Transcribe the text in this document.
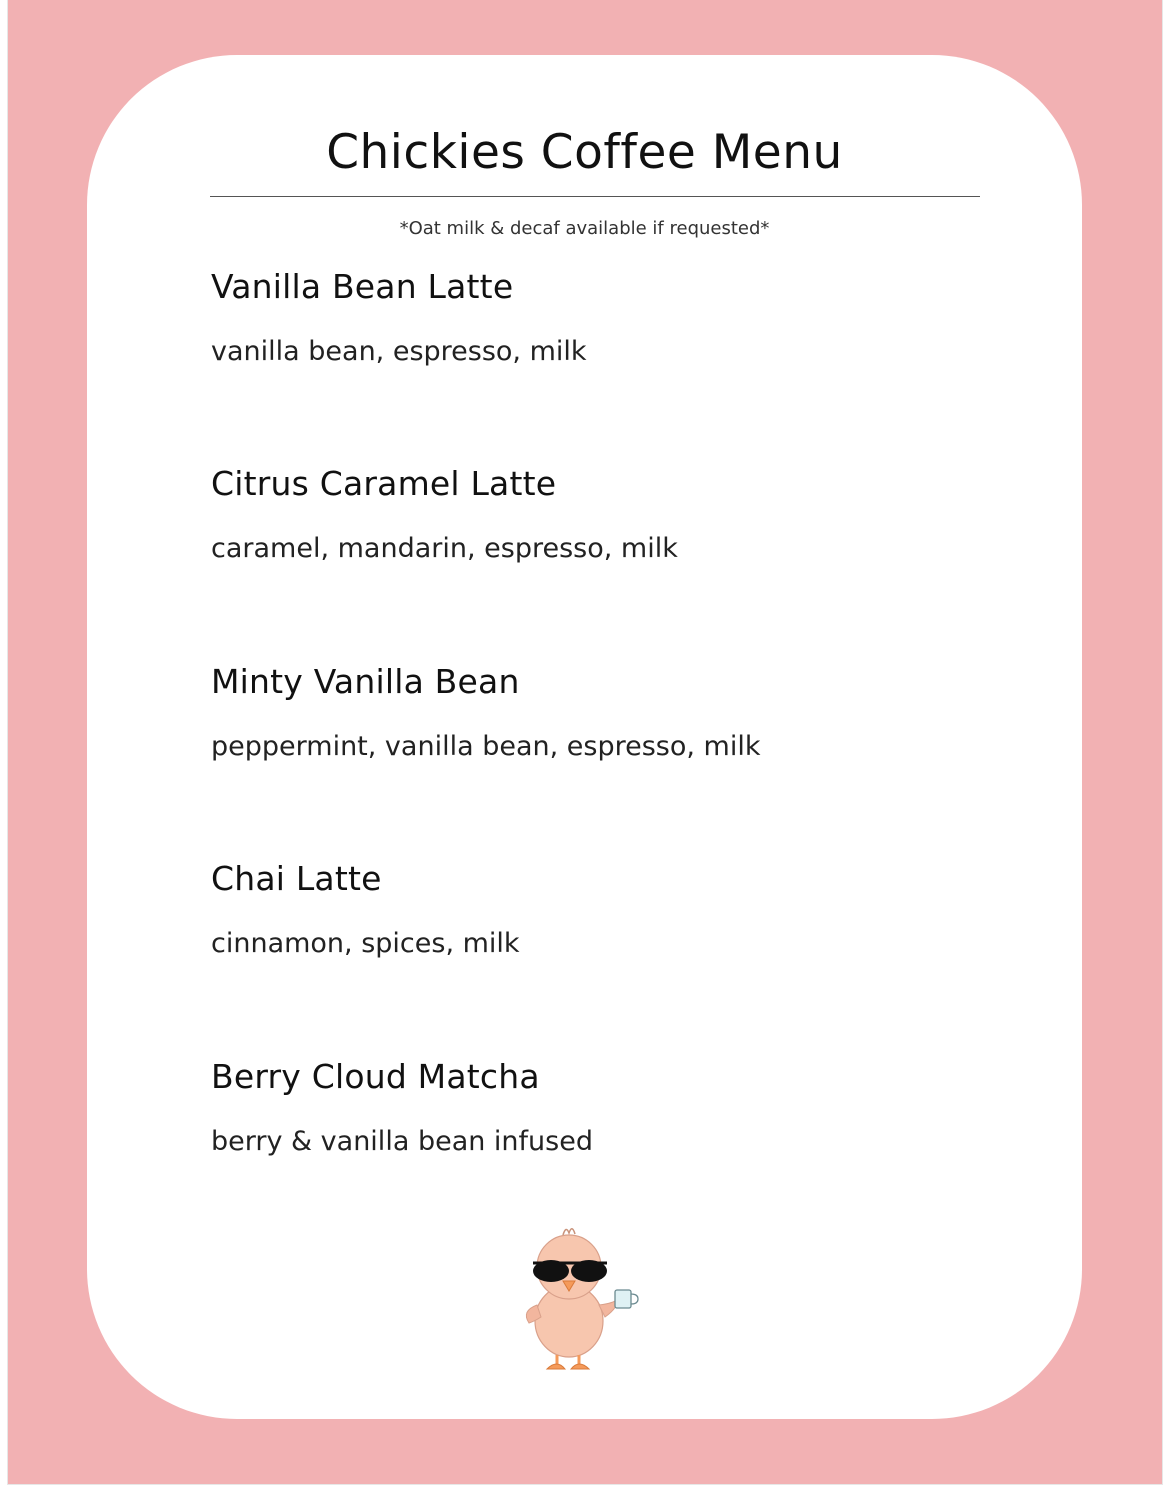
Chickies Coffee Menu
*Oat milk & decaf available if requested*
Vanilla Bean Latte

vanilla bean, espresso, milk

Citrus Caramel Latte

caramel, mandarin, espresso, milk

Minty Vanilla Bean

peppermint, vanilla bean, espresso, milk

Chai Latte

cinnamon, spices, milk

Berry Cloud Matcha

berry & vanilla bean infused
